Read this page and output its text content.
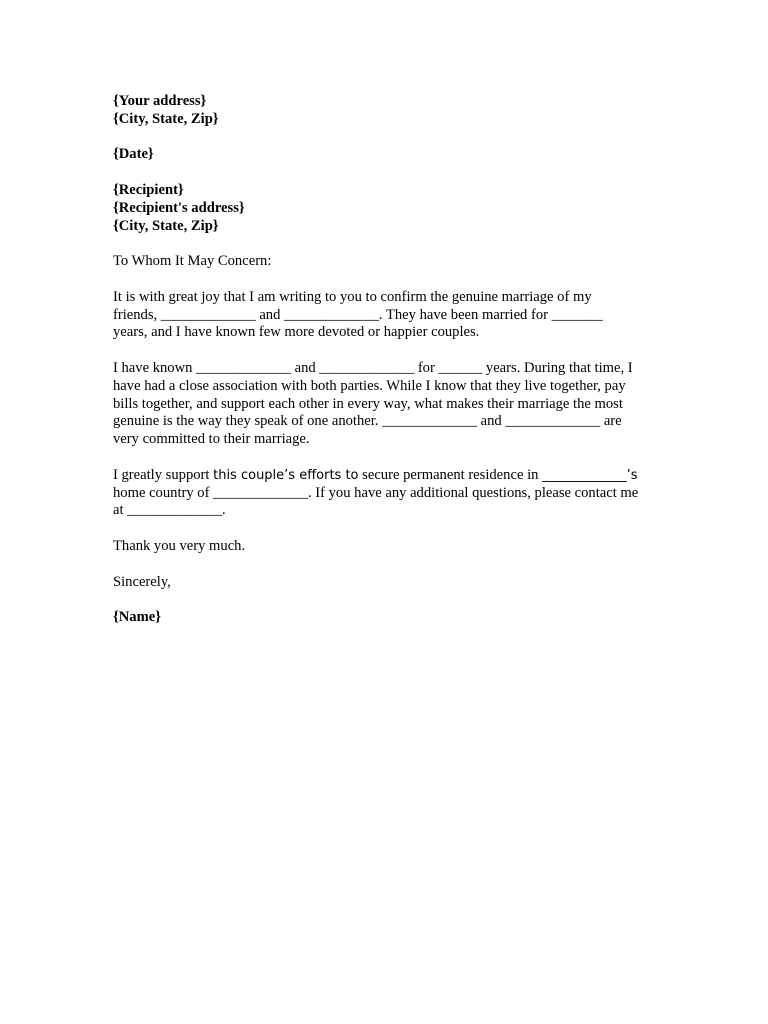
{Your address}
{City, State, Zip}
{Date}
{Recipient}
{Recipient's address}
{City, State, Zip}
To Whom It May Concern:
It is with great joy that I am writing to you to confirm the genuine marriage of my
friends, _____________ and _____________. They have been married for _______
years, and I have known few more devoted or happier couples.
I have known _____________ and _____________ for ______ years. During that time, I
have had a close association with both parties. While I know that they live together, pay
bills together, and support each other in every way, what makes their marriage the most
genuine is the way they speak of one another. _____________ and _____________ are
very committed to their marriage.
I greatly support this couple’s efforts to secure permanent residence in _____________’s
home country of _____________. If you have any additional questions, please contact me
at _____________.
Thank you very much.
Sincerely,
{Name}
